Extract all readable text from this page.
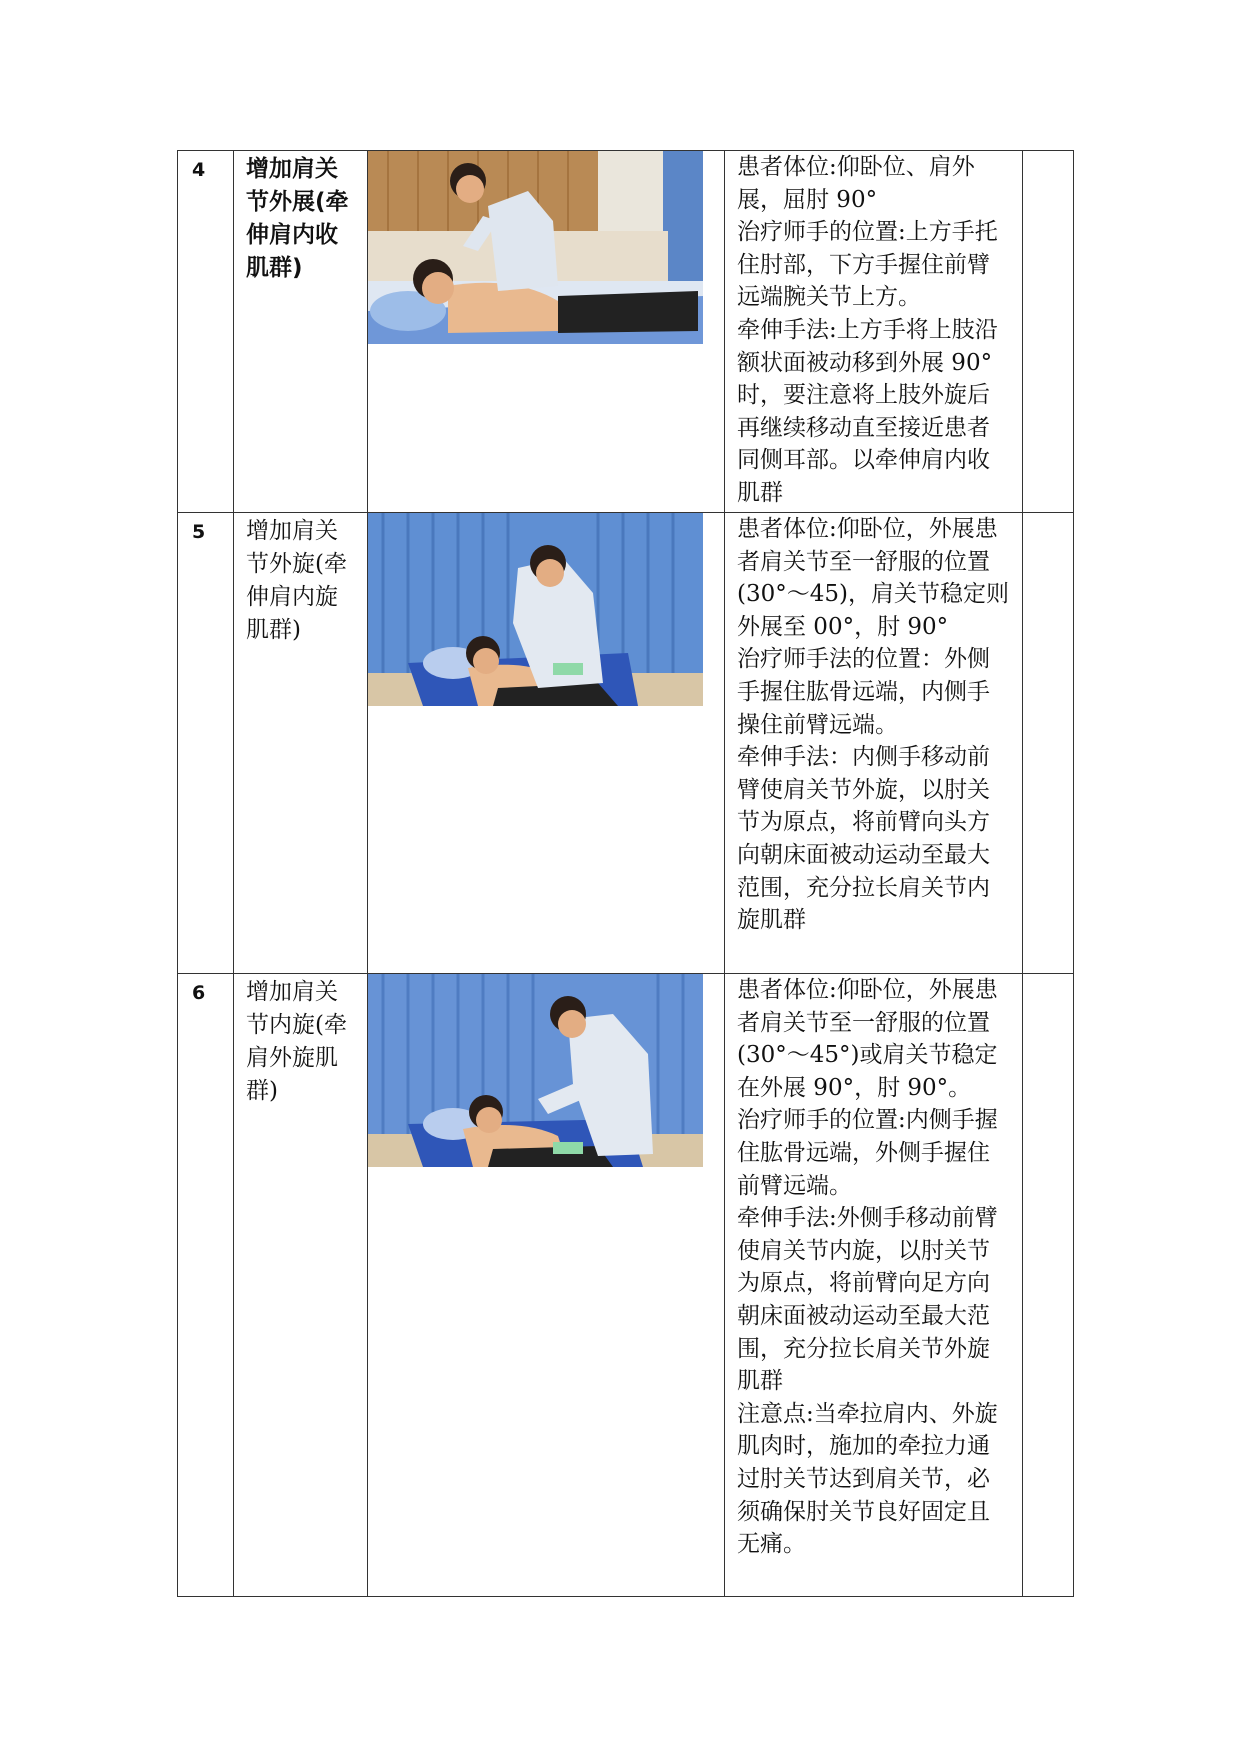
4	增加肩关节外展(牵伸肩内收肌群)		患者体位:仰卧位、肩外展，屈肘 90°

治疗师手的位置:上方手托住肘部，下方手握住前臂远端腕关节上方。

牵伸手法:上方手将上肢沿额状面被动移到外展 90°时，要注意将上肢外旋后再继续移动直至接近患者同侧耳部。以牵伸肩内收肌群	

5	增加肩关节外旋(牵伸肩内旋肌群)		患者体位:仰卧位，外展患者肩关节至一舒服的位置(30°～45)，肩关节稳定则外展至 00°，肘 90°

治疗师手法的位置：外侧手握住肱骨远端，内侧手操住前臂远端。

牵伸手法：内侧手移动前臂使肩关节外旋，以肘关节为原点，将前臂向头方向朝床面被动运动至最大范围，充分拉长肩关节内旋肌群	

6	增加肩关节内旋(牵肩外旋肌群)		患者体位:仰卧位，外展患者肩关节至一舒服的位置(30°～45°)或肩关节稳定在外展 90°，肘 90°。

治疗师手的位置:内侧手握住肱骨远端，外侧手握住前臂远端。

牵伸手法:外侧手移动前臂使肩关节内旋，以肘关节为原点，将前臂向足方向朝床面被动运动至最大范围，充分拉长肩关节外旋肌群

注意点:当牵拉肩内、外旋肌肉时，施加的牵拉力通过肘关节达到肩关节，必须确保肘关节良好固定且无痛。	
